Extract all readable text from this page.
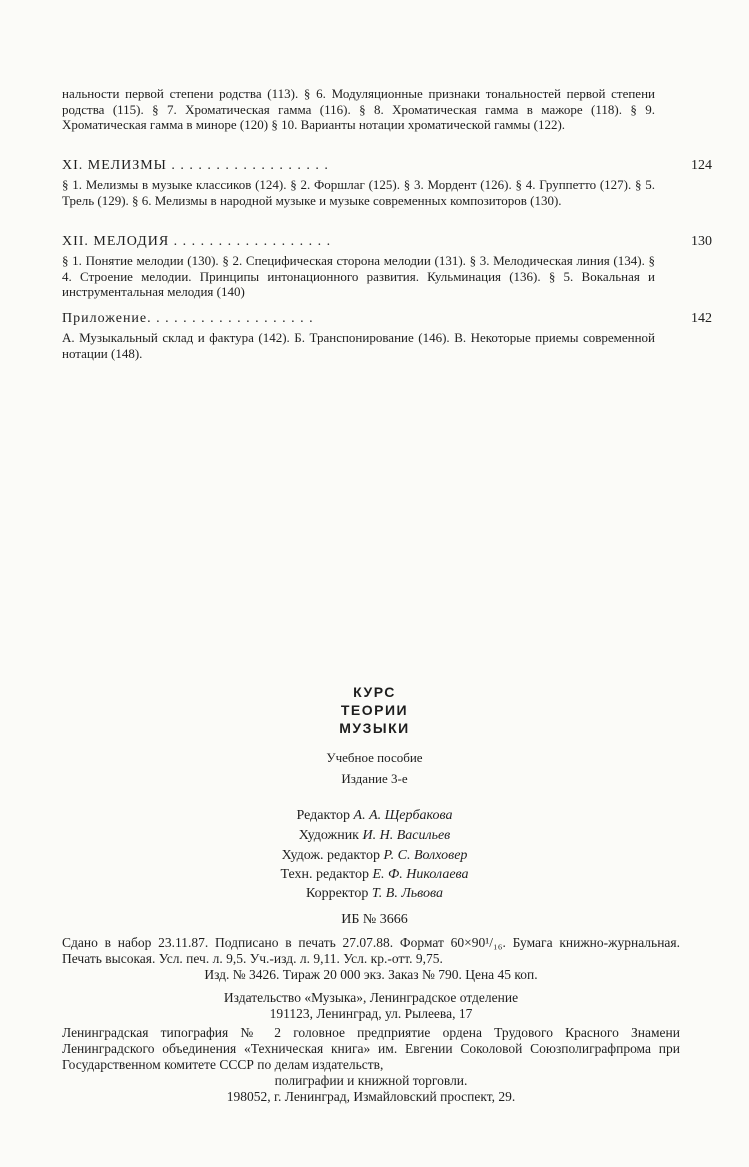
нальности первой степени родства (113). § 6. Модуляционные признаки тональностей первой степени родства (115). § 7. Хроматическая гамма (116). § 8. Хроматическая гамма в мажоре (118). § 9. Хроматическая гамма в миноре (120) § 10. Варианты нотации хроматической гаммы (122).
XI. МЕЛИЗМЫ . . . . . . . . . . . . . . . . . .	124
§ 1. Мелизмы в музыке классиков (124). § 2. Форшлаг (125). § 3. Мордент (126). § 4. Группетто (127). § 5. Трель (129). § 6. Мелизмы в народной музыке и музыке современных композиторов (130).
XII. МЕЛОДИЯ . . . . . . . . . . . . . . . . . .	130
§ 1. Понятие мелодии (130). § 2. Специфическая сторона мелодии (131). § 3. Мелодическая линия (134). § 4. Строение мелодии. Принципы интонационного развития. Кульминация (136). § 5. Вокальная и инструментальная мелодия (140)
Приложение. . . . . . . . . . . . . . . . . . .	142
А. Музыкальный склад и фактура (142). Б. Транспонирование (146). В. Некоторые приемы современной нотации (148).
КУРС
ТЕОРИИ
МУЗЫКИ
Учебное пособие
Издание 3-е
Редактор А. А. Щербакова
Художник И. Н. Васильев
Худож. редактор Р. С. Волховер
Техн. редактор Е. Ф. Николаева
Корректор Т. В. Львова
ИБ № 3666
Сдано в набор 23.11.87. Подписано в печать 27.07.88. Формат 60×90¹/₁₆. Бумага книжно-журнальная. Печать высокая. Усл. печ. л. 9,5. Уч.-изд. л. 9,11. Усл. кр.-отт. 9,75.
Изд. № 3426. Тираж 20 000 экз. Заказ № 790. Цена 45 коп.
Издательство «Музыка», Ленинградское отделение
191123, Ленинград, ул. Рылеева, 17
Ленинградская типография № 2 головное предприятие ордена Трудового Красного Знамени Ленинградского объединения «Техническая книга» им. Евгении Соколовой Союзполиграфпрома при Государственном комитете СССР по делам издательств,
полиграфии и книжной торговли.
198052, г. Ленинград, Измайловский проспект, 29.
